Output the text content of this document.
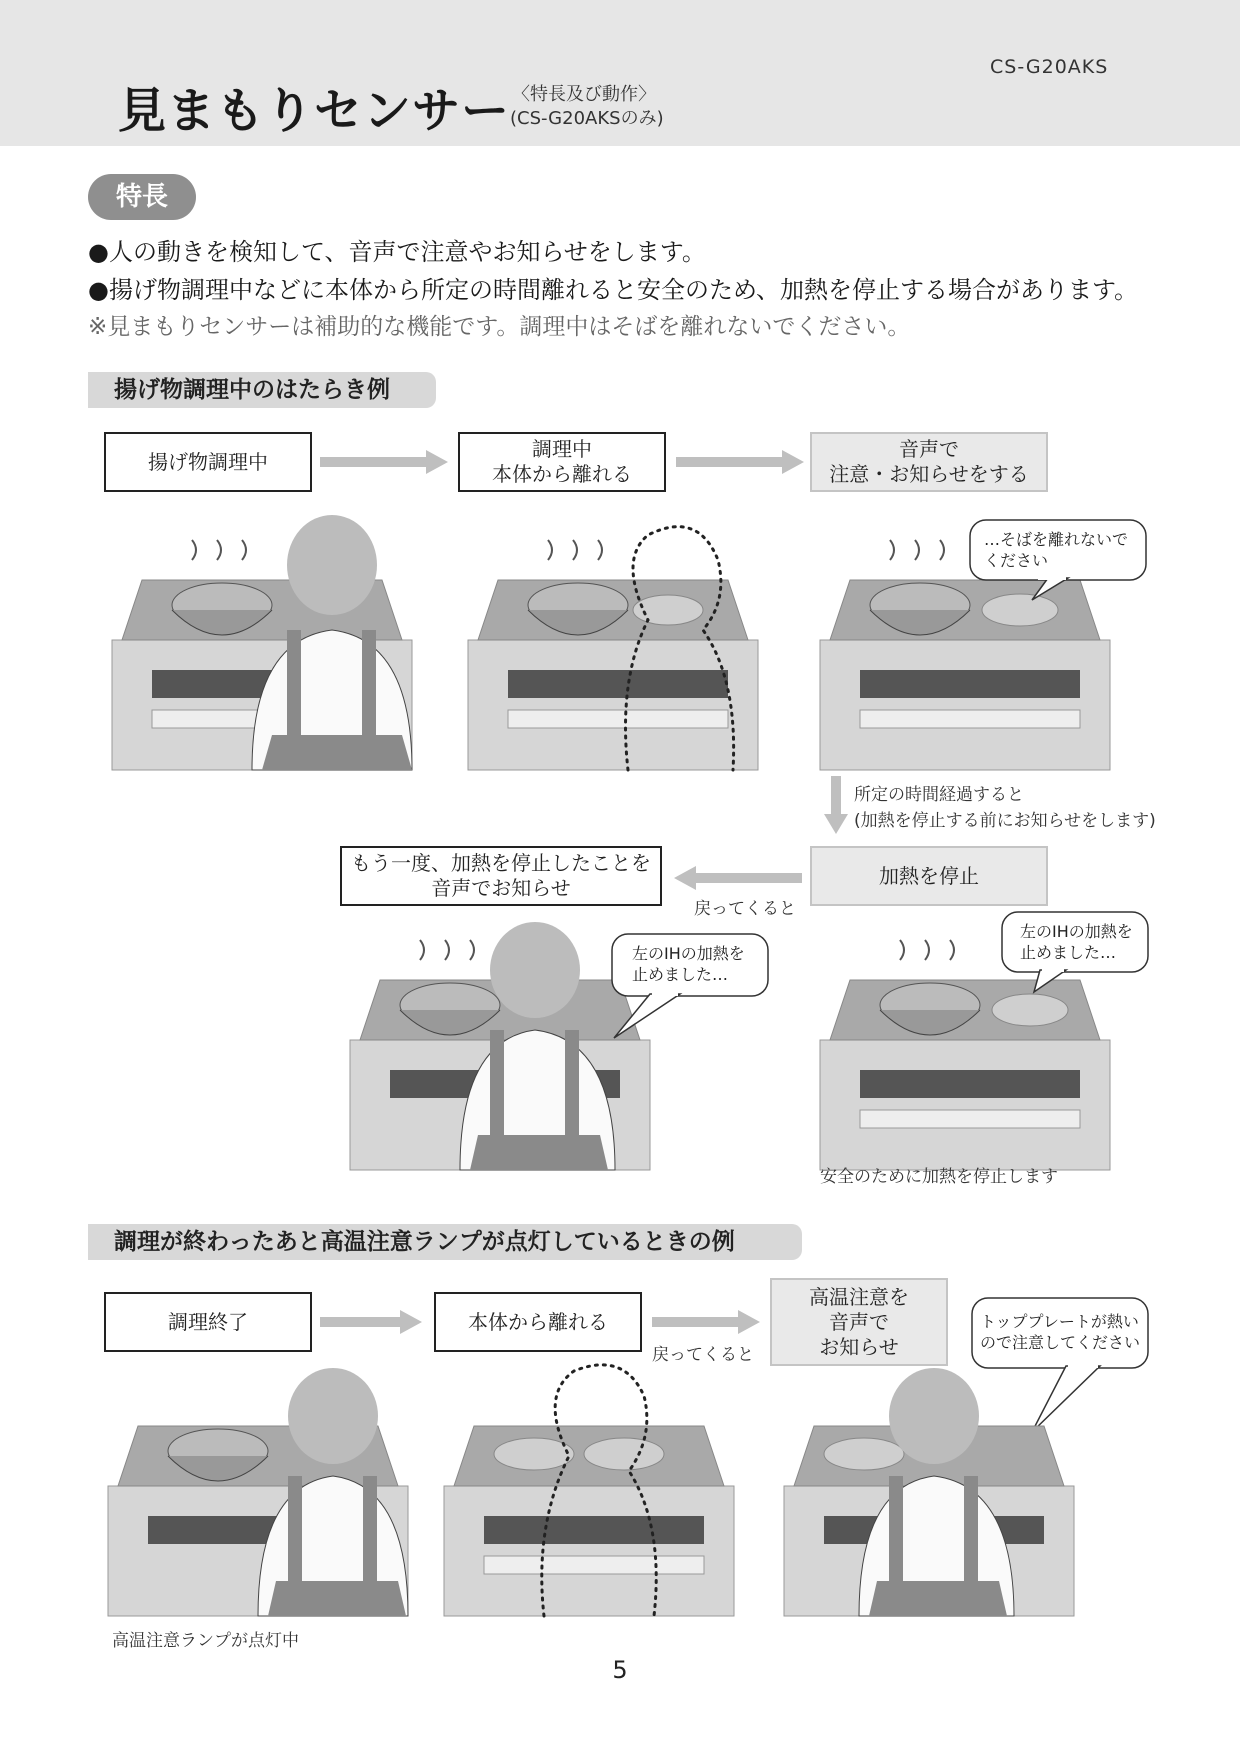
CS-G20AKS
見まもりセンサー 〈特長及び動作〉
(CS-G20AKSのみ)
特長
●人の動きを検知して、音声で注意やお知らせをします。
●揚げ物調理中などに本体から所定の時間離れると安全のため、加熱を停止する場合があります。
※見まもりセンサーは補助的な機能です。調理中はそばを離れないでください。
揚げ物調理中のはたらき例
揚げ物調理中
調理中
本体から離れる
音声で
注意・お知らせをする
…そばを離れないで
ください
所定の時間経過すると
(加熱を停止する前にお知らせをします)
加熱を停止
もう一度、加熱を停止したことを
音声でお知らせ
戻ってくると
左のIHの加熱を
止めました…
左のIHの加熱を
止めました…
安全のために加熱を停止します
調理が終わったあと高温注意ランプが点灯しているときの例
調理終了	本体から離れる
高温注意を
音声で
お知らせ
戻ってくると
トッププレートが熱い
ので注意してください
高温注意ランプが点灯中
5
